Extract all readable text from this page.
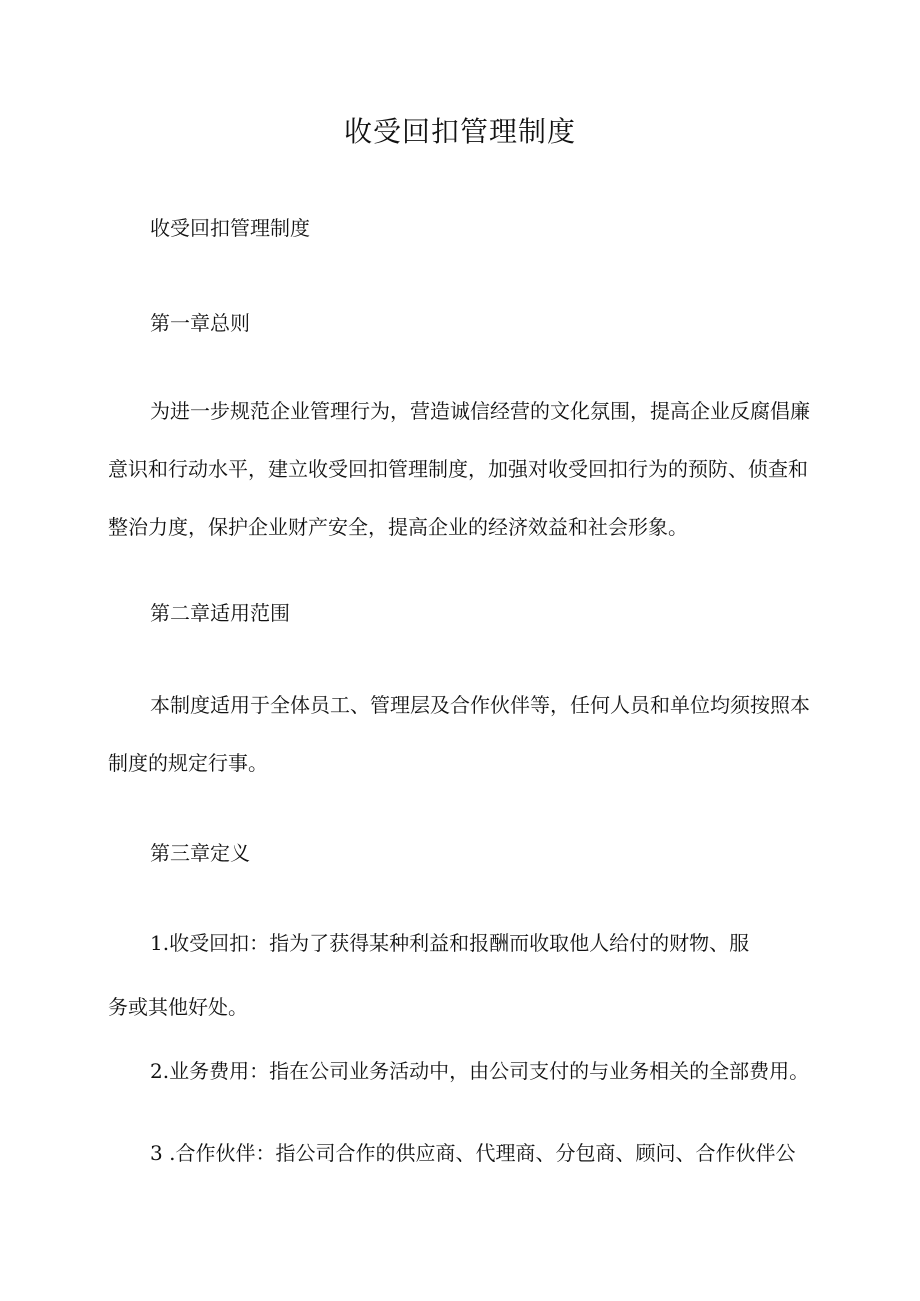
收受回扣管理制度

收受回扣管理制度

第一章总则

为进一步规范企业管理行为，营造诚信经营的文化氛围，提高企业反腐倡廉

意识和行动水平，建立收受回扣管理制度，加强对收受回扣行为的预防、侦查和

整治力度，保护企业财产安全，提高企业的经济效益和社会形象。

第二章适用范围

本制度适用于全体员工、管理层及合作伙伴等，任何人员和单位均须按照本

制度的规定行事。

第三章定义

1.收受回扣：指为了获得某种利益和报酬而收取他人给付的财物、服

务或其他好处。

2.业务费用：指在公司业务活动中，由公司支付的与业务相关的全部费用。

3 .合作伙伴：指公司合作的供应商、代理商、分包商、顾问、合作伙伴公
